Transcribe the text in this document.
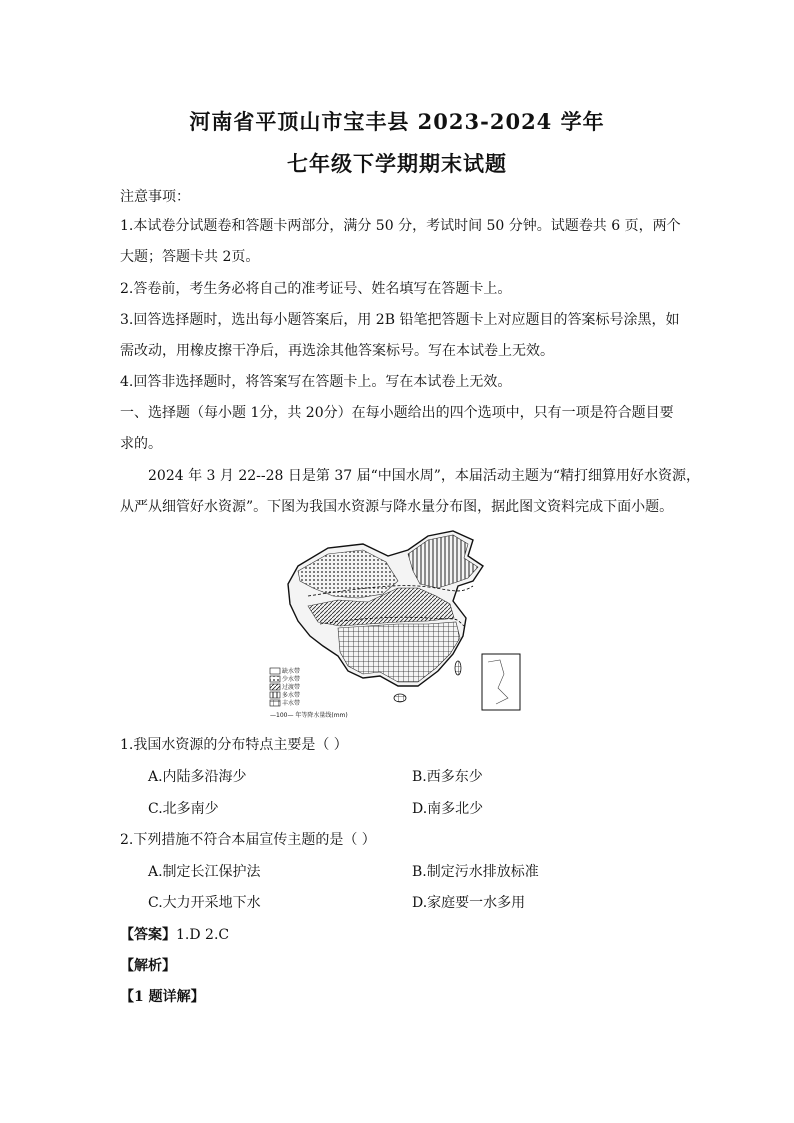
河南省平顶山市宝丰县 2023-2024 学年
七年级下学期期末试题
注意事项：
1.本试卷分试题卷和答题卡两部分，满分 50 分，考试时间 50 分钟。试题卷共 6 页，两个
大题；答题卡共 2页。
2.答卷前，考生务必将自己的准考证号、姓名填写在答题卡上。
3.回答选择题时，选出每小题答案后，用 2B 铅笔把答题卡上对应题目的答案标号涂黑，如
需改动，用橡皮擦干净后，再选涂其他答案标号。写在本试卷上无效。
4.回答非选择题时，将答案写在答题卡上。写在本试卷上无效。
一、选择题（每小题 1分，共 20分）在每小题给出的四个选项中，只有一项是符合题目要
求的。
2024 年 3 月 22--28 日是第 37 届“中国水周”，本届活动主题为“精打细算用好水资源，
从严从细管好水资源”。下图为我国水资源与降水量分布图，据此图文资料完成下面小题。
缺水带
少水带
过渡带
多水带
丰水带
—100— 年等降水量线(mm)
1.我国水资源的分布特点主要是（ ）
A.内陆多沿海少	B.西多东少
C.北多南少	D.南多北少
2.下列措施不符合本届宣传主题的是（ ）
A.制定长江保护法	B.制定污水排放标准
C.大力开采地下水	D.家庭要一水多用
【答案】1.D 2.C
【解析】
【1 题详解】
